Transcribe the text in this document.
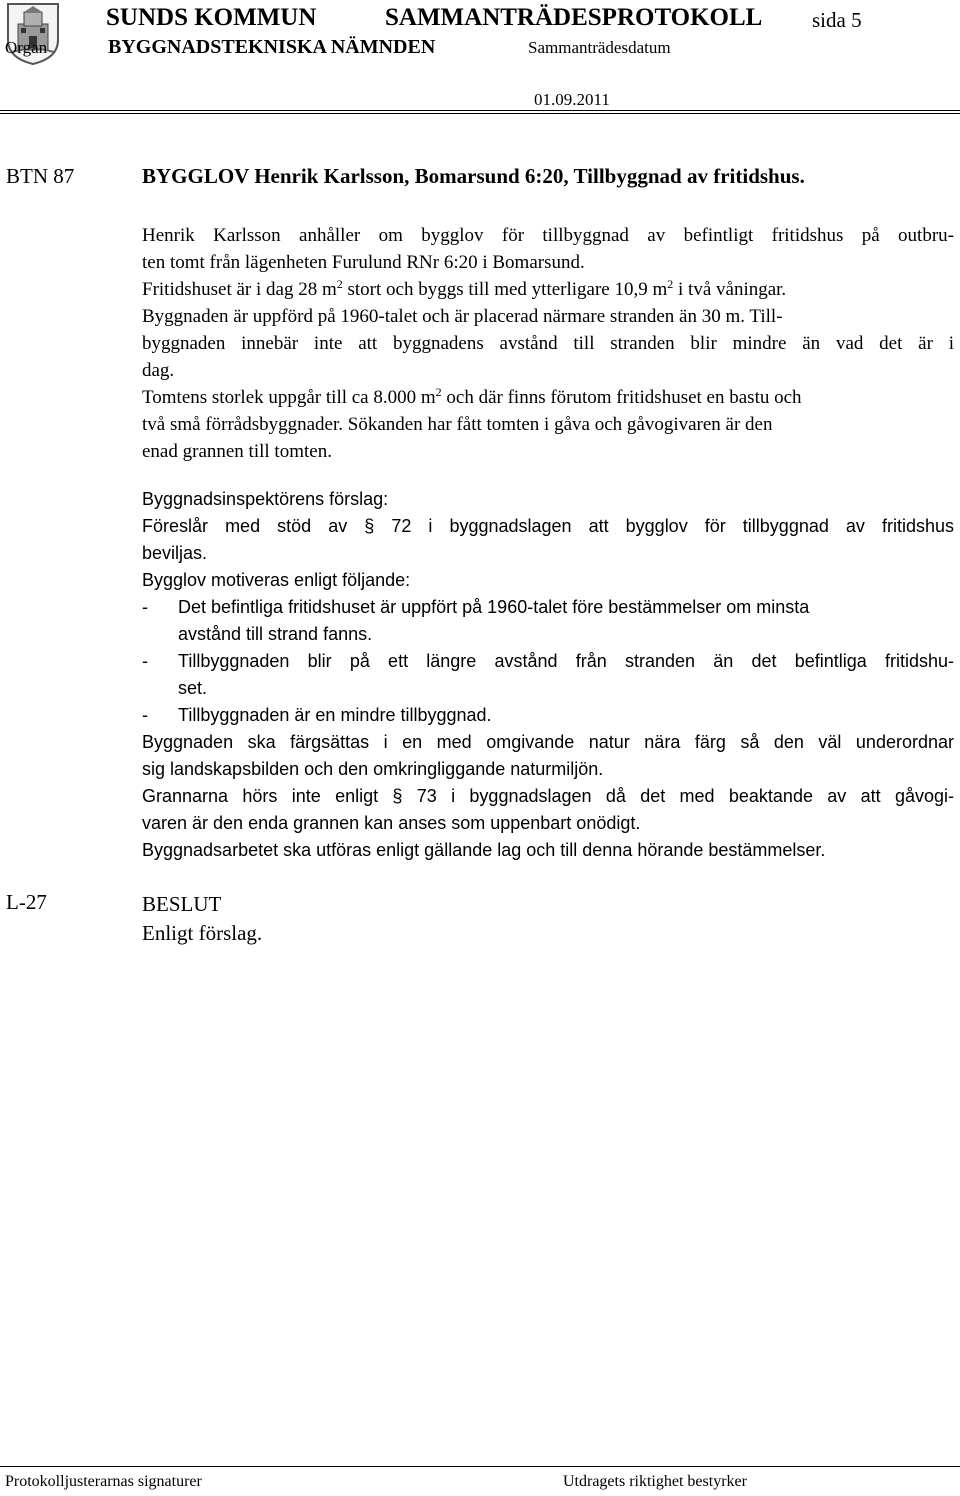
SUNDS KOMMUN	SAMMANTRÄDESPROTOKOLL sida 5
Organ	BYGGNADSTEKNISKA NÄMNDEN	Sammanträdesdatum
01.09.2011
BTN 87	BYGGLOV Henrik Karlsson, Bomarsund 6:20, Tillbyggnad av fritidshus.
Henrik Karlsson anhåller om bygglov för tillbyggnad av befintligt fritidshus på outbru-
ten tomt från lägenheten Furulund RNr 6:20 i Bomarsund.
Fritidshuset är i dag 28 $m^2$ stort och byggs till med ytterligare 10,9 $m^2$ i två våningar.
Byggnaden är uppförd på 1960-talet och är placerad närmare stranden än 30 m. Till-
byggnaden innebär inte att byggnadens avstånd till stranden blir mindre än vad det är i
dag.
Tomtens storlek uppgår till ca 8.000 $m^2$ och där finns förutom fritidshuset en bastu och
två små förrådsbyggnader. Sökanden har fått tomten i gåva och gåvogivaren är den
enad grannen till tomten.
Byggnadsinspektörens förslag:
Föreslår med stöd av § 72 i byggnadslagen att bygglov för tillbyggnad av fritidshus
beviljas.
Bygglov motiveras enligt följande:
-	Det befintliga fritidshuset är uppfört på 1960-talet före bestämmelser om minsta
avstånd till strand fanns.
-	Tillbyggnaden blir på ett längre avstånd från stranden än det befintliga fritidshu-
set.
-	Tillbyggnaden är en mindre tillbyggnad.
Byggnaden ska färgsättas i en med omgivande natur nära färg så den väl underordnar
sig landskapsbilden och den omkringliggande naturmiljön.
Grannarna hörs inte enligt § 73 i byggnadslagen då det med beaktande av att gåvogi-
varen är den enda grannen kan anses som uppenbart onödigt.
Byggnadsarbetet ska utföras enligt gällande lag och till denna hörande bestämmelser.
L-27	BESLUT
Enligt förslag.
Protokolljusterarnas signaturer	Utdragets riktighet bestyrker
